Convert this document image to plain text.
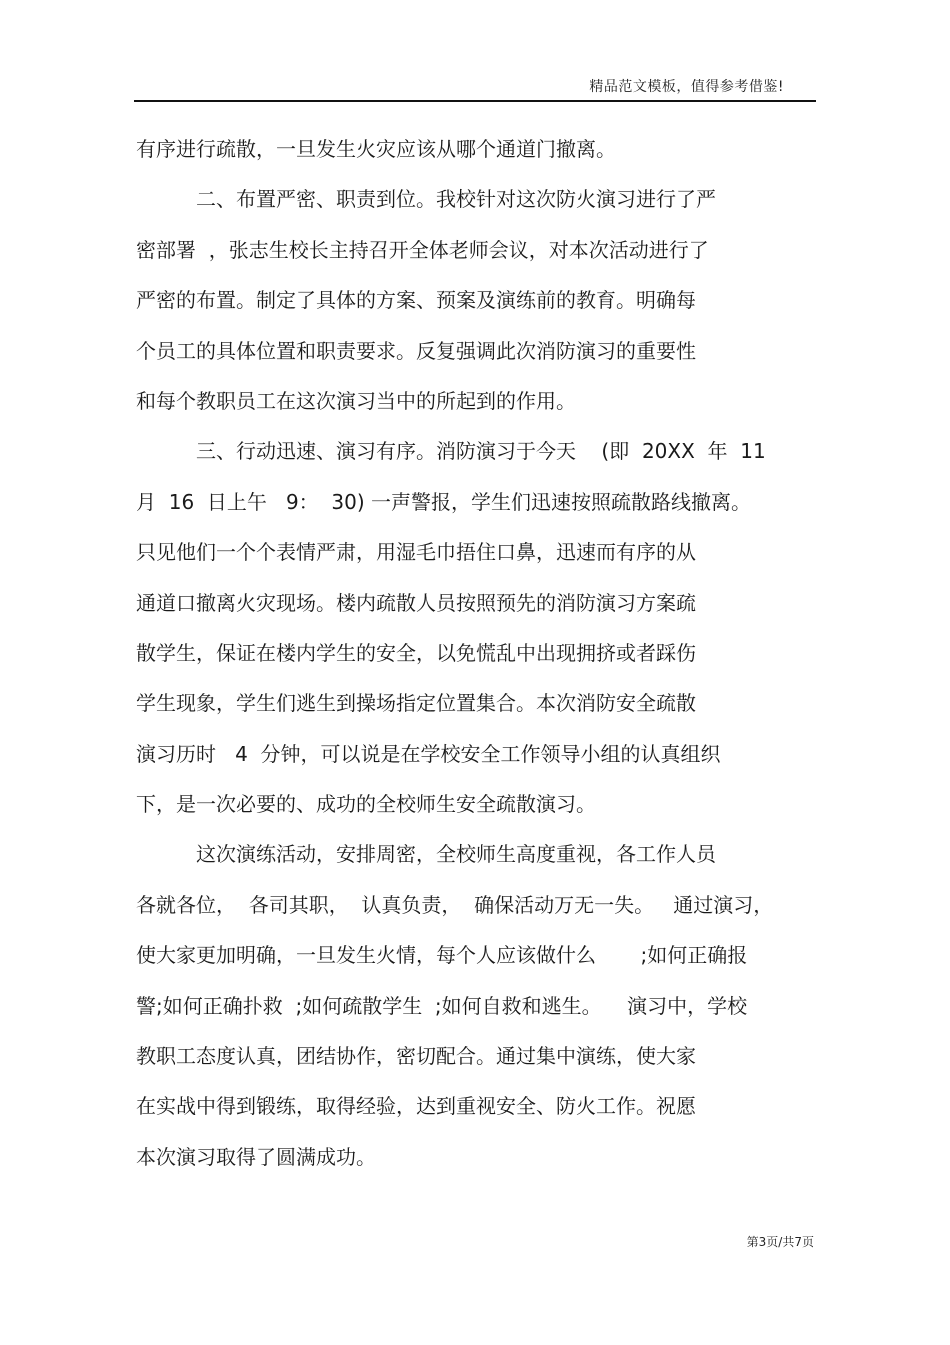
精品范文模板，值得参考借鉴!
有序进行疏散，一旦发生火灾应该从哪个通道门撤离。
二、布置严密、职责到位。我校针对这次防火演习进行了严
密部署  ，张志生校长主持召开全体老师会议，对本次活动进行了
严密的布置。制定了具体的方案、预案及演练前的教育。明确每
个员工的具体位置和职责要求。反复强调此次消防演习的重要性
和每个教职员工在这次演习当中的所起到的作用。
三、行动迅速、演习有序。消防演习于今天    (即  20XX  年  11
月  16  日上午   9：  30) 一声警报，学生们迅速按照疏散路线撤离。
只见他们一个个表情严肃，用湿毛巾捂住口鼻，迅速而有序的从
通道口撤离火灾现场。楼内疏散人员按照预先的消防演习方案疏
散学生，保证在楼内学生的安全，以免慌乱中出现拥挤或者踩伤
学生现象，学生们逃生到操场指定位置集合。本次消防安全疏散
演习历时   4  分钟，可以说是在学校安全工作领导小组的认真组织
下，是一次必要的、成功的全校师生安全疏散演习。
这次演练活动，安排周密，全校师生高度重视，各工作人员
各就各位，  各司其职，  认真负责，  确保活动万无一失。   通过演习，
使大家更加明确，一旦发生火情，每个人应该做什么       ;如何正确报
警;如何正确扑救  ;如何疏散学生  ;如何自救和逃生。    演习中，学校
教职工态度认真，团结协作，密切配合。通过集中演练，使大家
在实战中得到锻练，取得经验，达到重视安全、防火工作。祝愿
本次演习取得了圆满成功。
第3页/共7页
